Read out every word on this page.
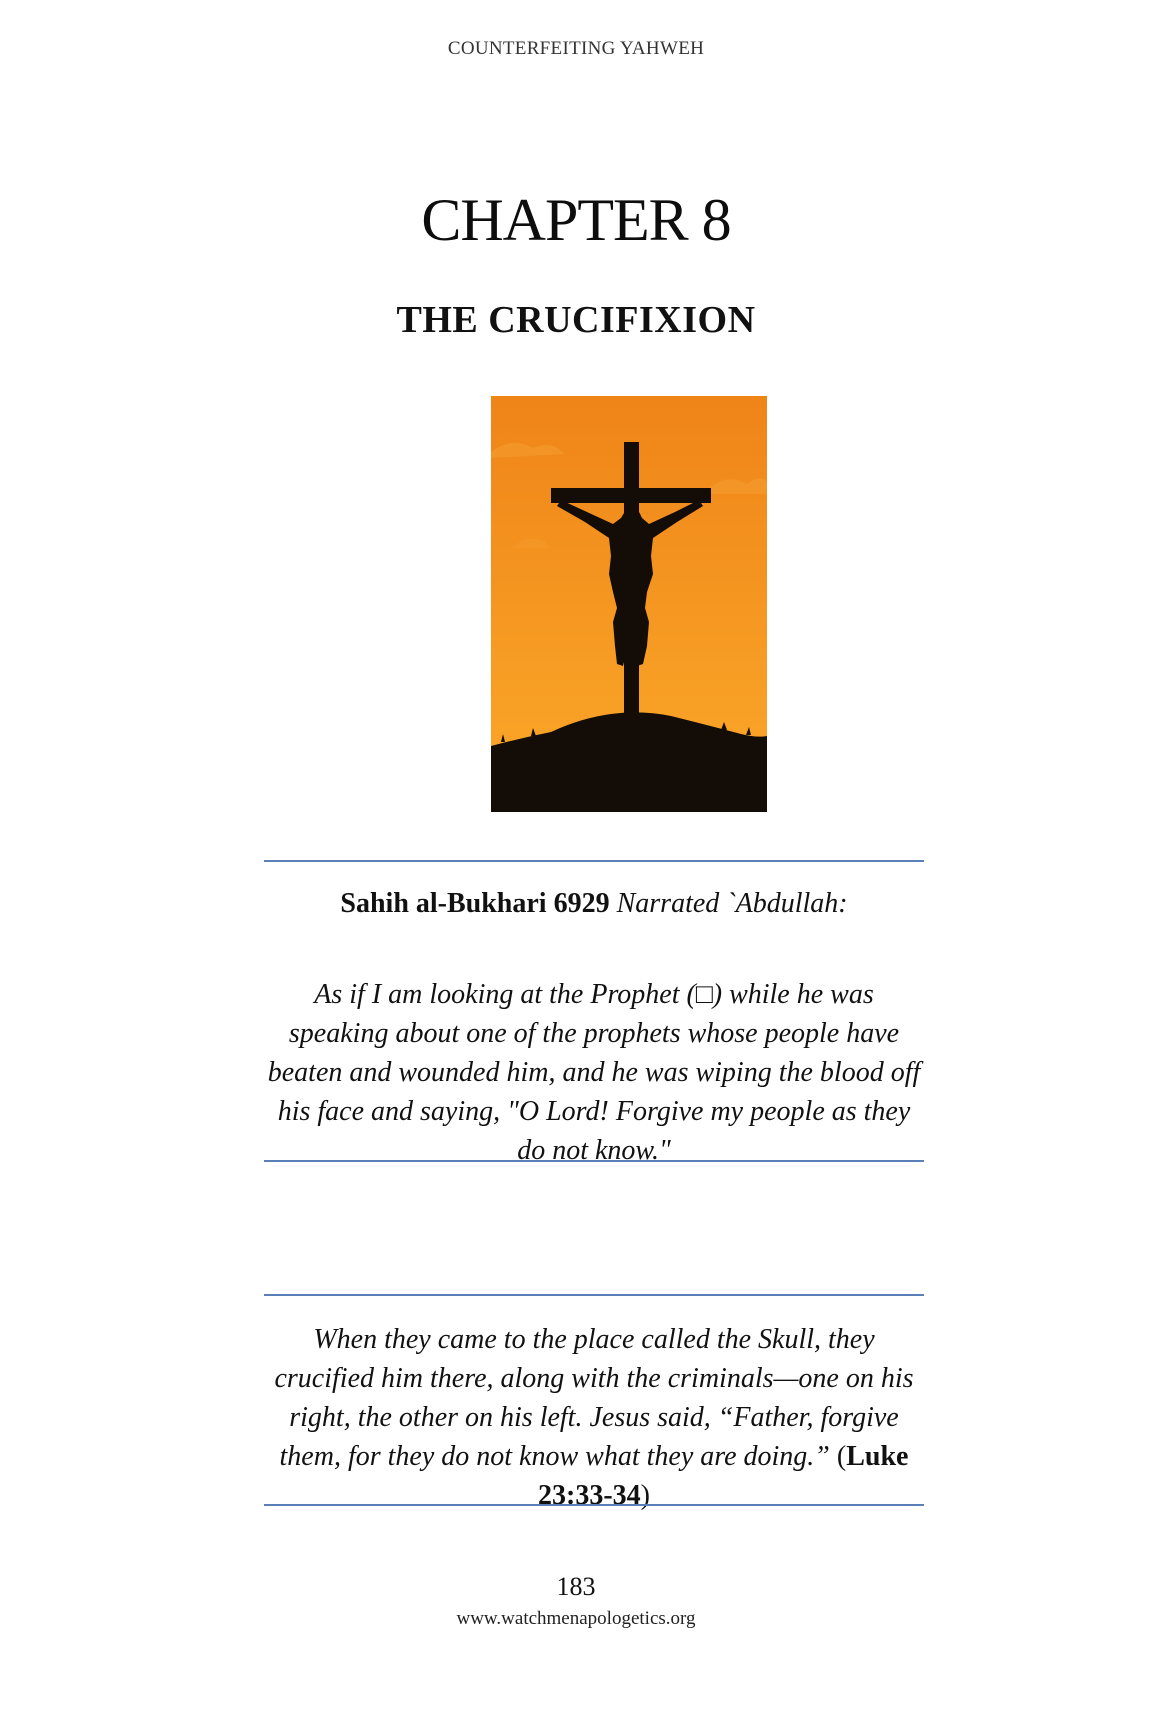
COUNTERFEITING YAHWEH
CHAPTER 8
THE CRUCIFIXION
Sahih al-Bukhari 6929 Narrated `Abdullah:
As if I am looking at the Prophet (□) while he was speaking about one of the prophets whose people have beaten and wounded him, and he was wiping the blood off his face and saying, "O Lord! Forgive my people as they do not know."
When they came to the place called the Skull, they crucified him there, along with the criminals—one on his right, the other on his left. Jesus said, “Father, forgive them, for they do not know what they are doing.” (Luke 23:33-34)
183
www.watchmenapologetics.org
